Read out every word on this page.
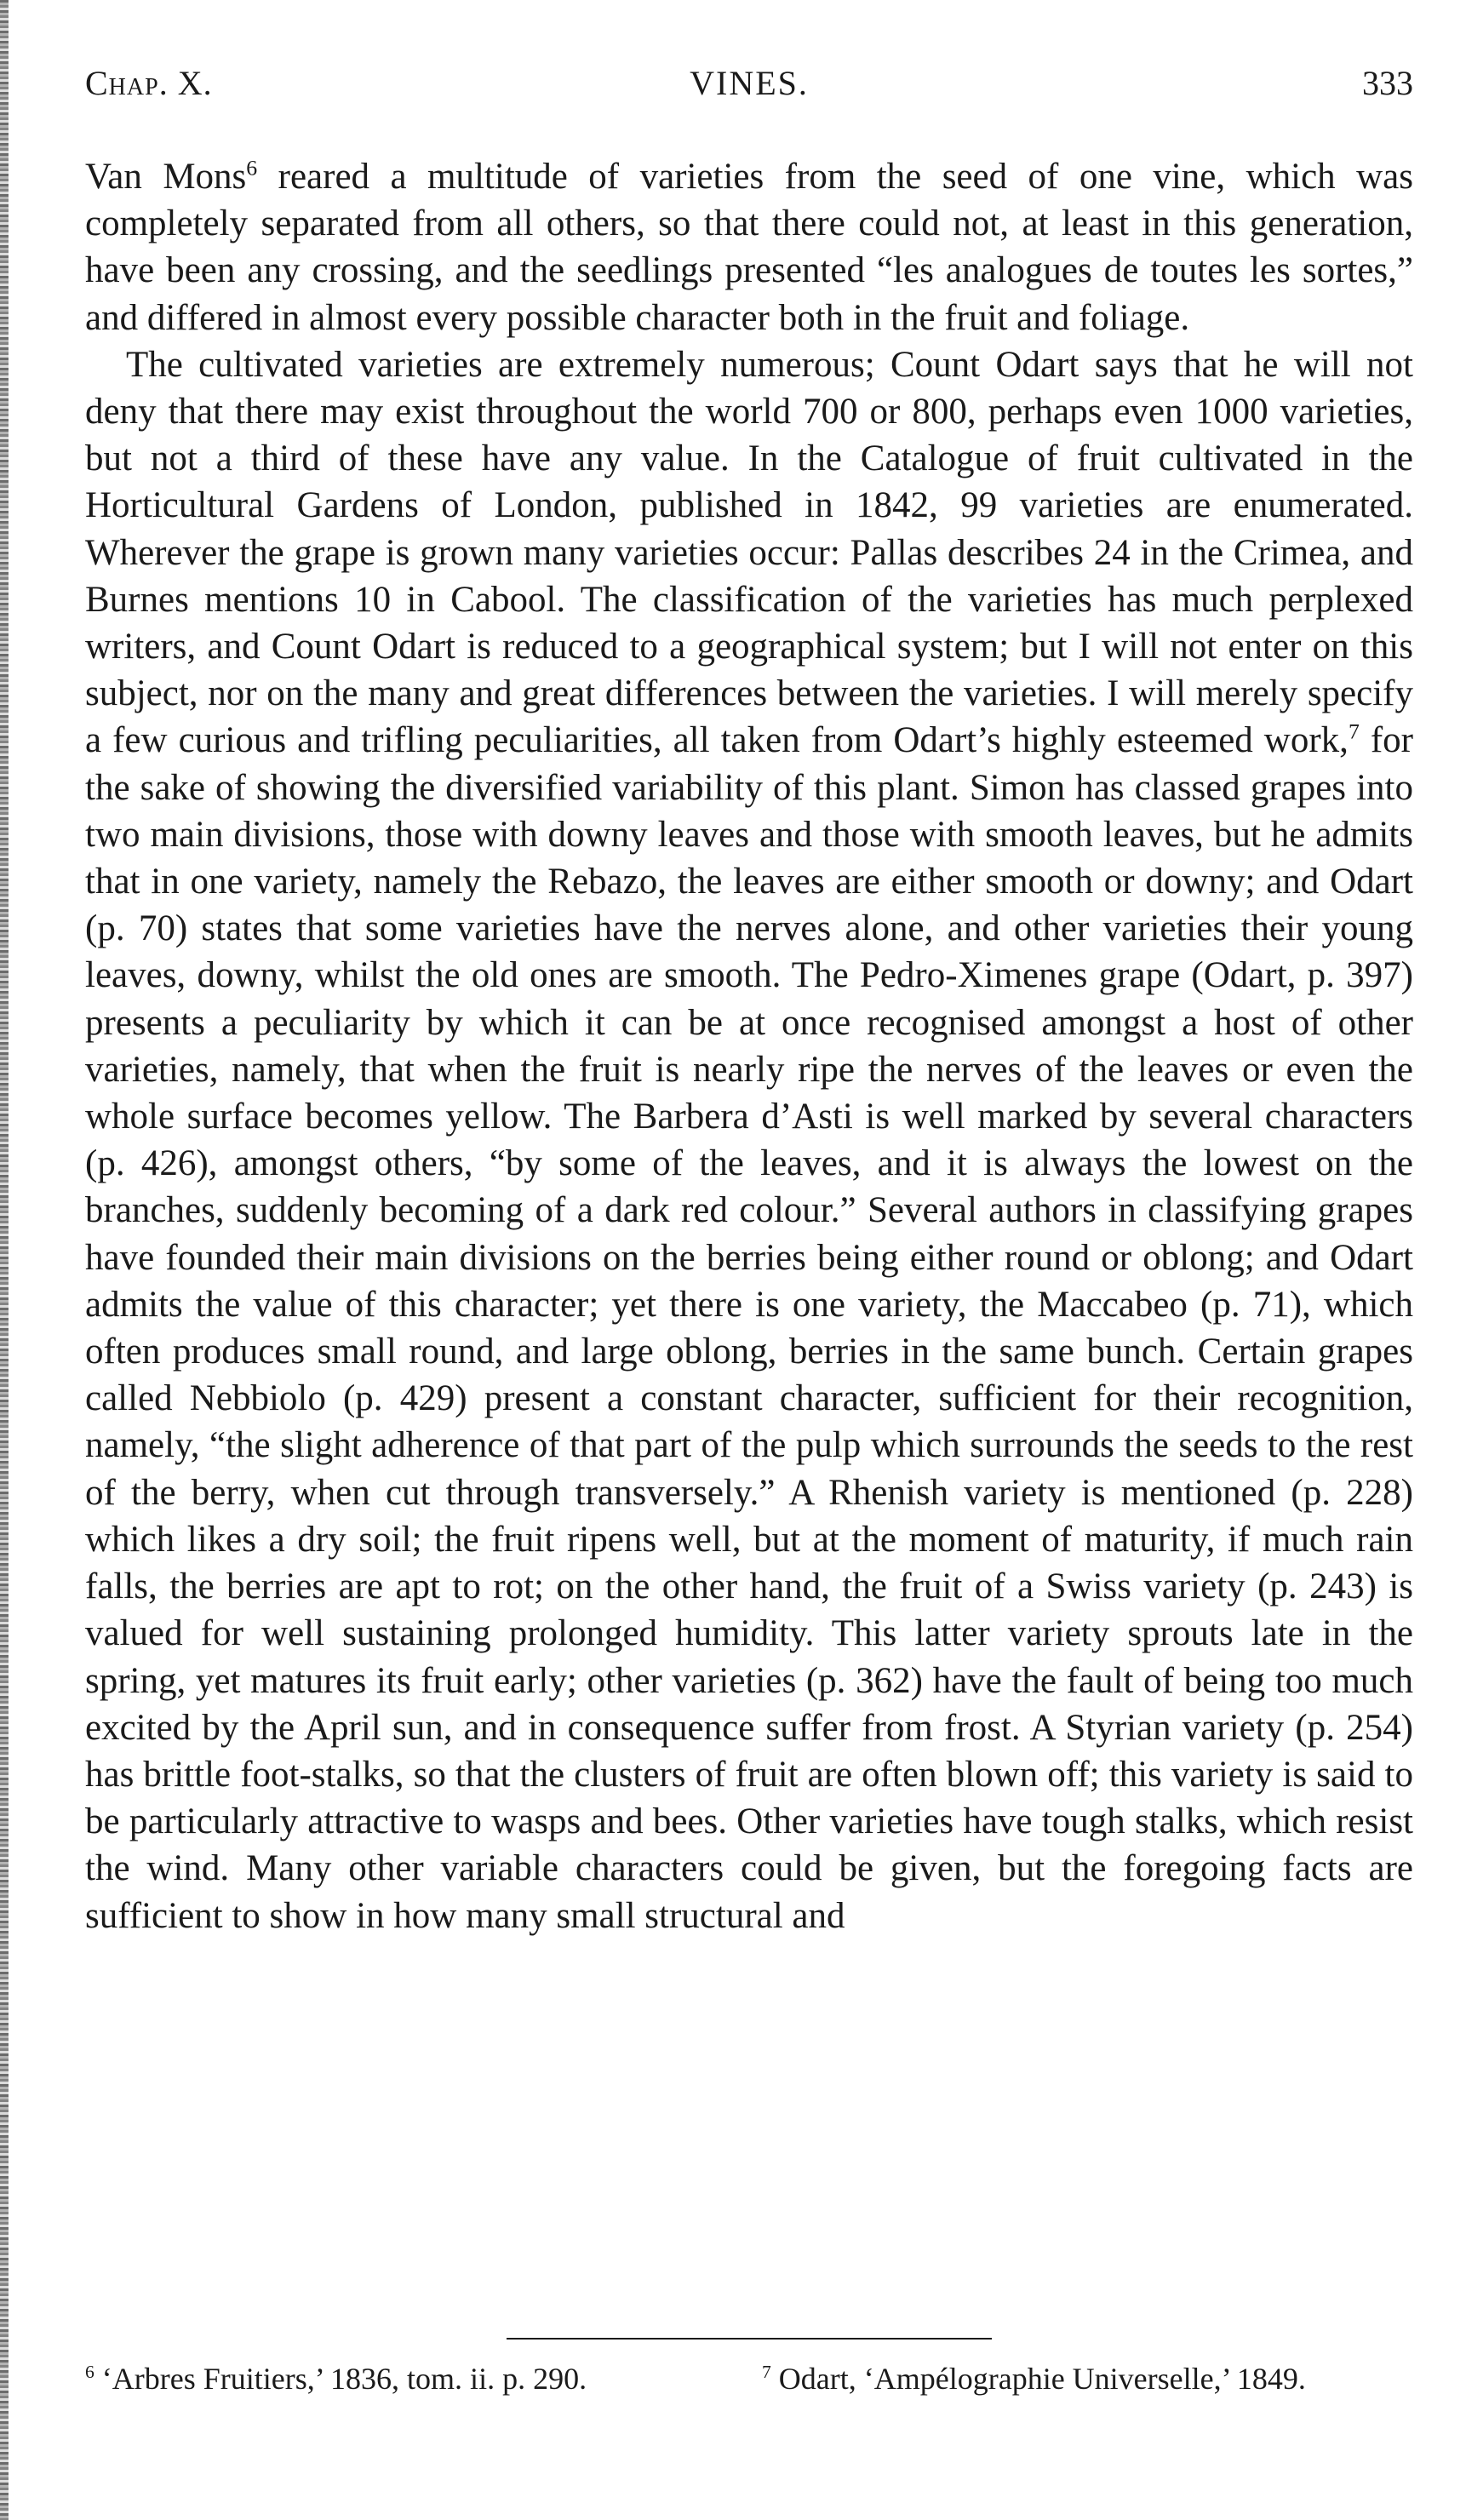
Chap. X.	VINES.	333

Van Mons$^6$ reared a multitude of varieties from the seed of one vine, which was completely separated from all others, so that there could not, at least in this generation, have been any crossing, and the seedlings presented “les analogues de toutes les sortes,” and differed in almost every possible character both in the fruit and foliage.

The cultivated varieties are extremely numerous; Count Odart says that he will not deny that there may exist throughout the world 700 or 800, perhaps even 1000 varieties, but not a third of these have any value. In the Catalogue of fruit cultivated in the Horticultural Gardens of London, published in 1842, 99 varieties are enumerated. Wherever the grape is grown many varieties occur: Pallas describes 24 in the Crimea, and Burnes mentions 10 in Cabool. The classification of the varieties has much perplexed writers, and Count Odart is reduced to a geographical system; but I will not enter on this subject, nor on the many and great differences between the varieties. I will merely specify a few curious and trifling peculiarities, all taken from Odart’s highly esteemed work,$^7$ for the sake of showing the diversified variability of this plant. Simon has classed grapes into two main divisions, those with downy leaves and those with smooth leaves, but he admits that in one variety, namely the Rebazo, the leaves are either smooth or downy; and Odart (p. 70) states that some varieties have the nerves alone, and other varieties their young leaves, downy, whilst the old ones are smooth. The Pedro-Ximenes grape (Odart, p. 397) presents a peculiarity by which it can be at once recognised amongst a host of other varieties, namely, that when the fruit is nearly ripe the nerves of the leaves or even the whole surface becomes yellow. The Barbera d’Asti is well marked by several characters (p. 426), amongst others, “by some of the leaves, and it is always the lowest on the branches, suddenly becoming of a dark red colour.” Several authors in classifying grapes have founded their main divisions on the berries being either round or oblong; and Odart admits the value of this character; yet there is one variety, the Maccabeo (p. 71), which often produces small round, and large oblong, berries in the same bunch. Certain grapes called Nebbiolo (p. 429) present a constant character, sufficient for their recognition, namely, “the slight adherence of that part of the pulp which surrounds the seeds to the rest of the berry, when cut through transversely.” A Rhenish variety is mentioned (p. 228) which likes a dry soil; the fruit ripens well, but at the moment of maturity, if much rain falls, the berries are apt to rot; on the other hand, the fruit of a Swiss variety (p. 243) is valued for well sustaining prolonged humidity. This latter variety sprouts late in the spring, yet matures its fruit early; other varieties (p. 362) have the fault of being too much excited by the April sun, and in consequence suffer from frost. A Styrian variety (p. 254) has brittle foot-stalks, so that the clusters of fruit are often blown off; this variety is said to be particularly attractive to wasps and bees. Other varieties have tough stalks, which resist the wind. Many other variable characters could be given, but the foregoing facts are sufficient to show in how many small structural and

$^6$ ‘Arbres Fruitiers,’ 1836, tom. ii. p. 290.	$^7$ Odart, ‘Ampélographie Universelle,’ 1849.
